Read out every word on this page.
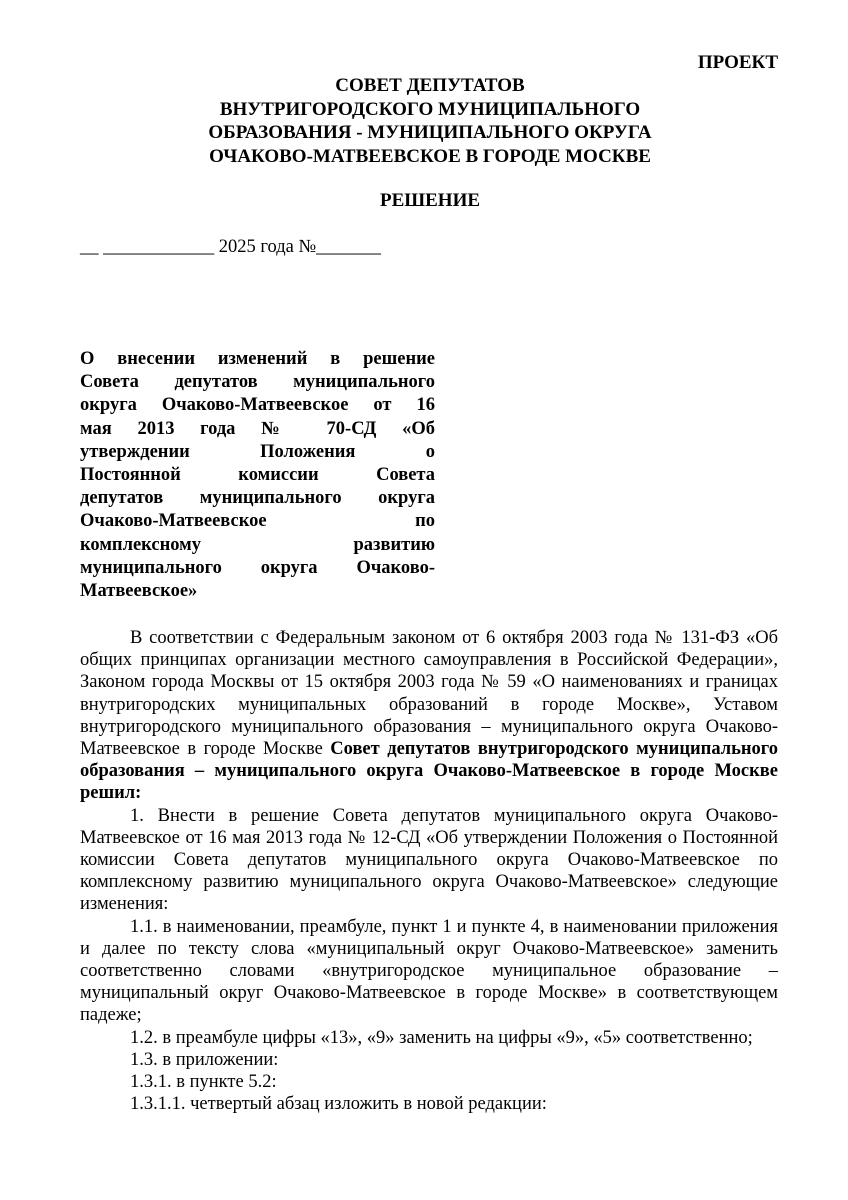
ПРОЕКТ
СОВЕТ ДЕПУТАТОВ
ВНУТРИГОРОДСКОГО МУНИЦИПАЛЬНОГО
ОБРАЗОВАНИЯ - МУНИЦИПАЛЬНОГО ОКРУГА
ОЧАКОВО-МАТВЕЕВСКОЕ В ГОРОДЕ МОСКВЕ
РЕШЕНИЕ
__ ____________ 2025 года №_______
О внесении изменений в решение
Совета депутатов муниципального
округа Очаково-Матвеевское от 16
мая 2013 года № 70-СД «Об
утверждении Положения о
Постоянной комиссии Совета
депутатов муниципального округа
Очаково-Матвеевское по
комплексному развитию
муниципального округа Очаково-
Матвеевское»

В соответствии с Федеральным законом от 6 октября 2003 года № 131-ФЗ «Об общих принципах организации местного самоуправления в Российской Федерации», Законом города Москвы от 15 октября 2003 года № 59 «О наименованиях и границах внутригородских муниципальных образований в городе Москве», Уставом внутригородского муниципального образования – муниципального округа Очаково-Матвеевское в городе Москве Совет депутатов внутригородского муниципального образования – муниципального округа Очаково-Матвеевское в городе Москве решил:

1. Внести в решение Совета депутатов муниципального округа Очаково-Матвеевское от 16 мая 2013 года № 12-СД «Об утверждении Положения о Постоянной комиссии Совета депутатов муниципального округа Очаково-Матвеевское по комплексному развитию муниципального округа Очаково-Матвеевское» следующие изменения:

1.1. в наименовании, преамбуле, пункт 1 и пункте 4, в наименовании приложения и далее по тексту слова «муниципальный округ Очаково-Матвеевское» заменить соответственно словами «внутригородское муниципальное образование – муниципальный округ Очаково-Матвеевское в городе Москве» в соответствующем падеже;

1.2. в преамбуле цифры «13», «9» заменить на цифры «9», «5» соответственно;

1.3. в приложении:

1.3.1. в пункте 5.2:

1.3.1.1. четвертый абзац изложить в новой редакции:
